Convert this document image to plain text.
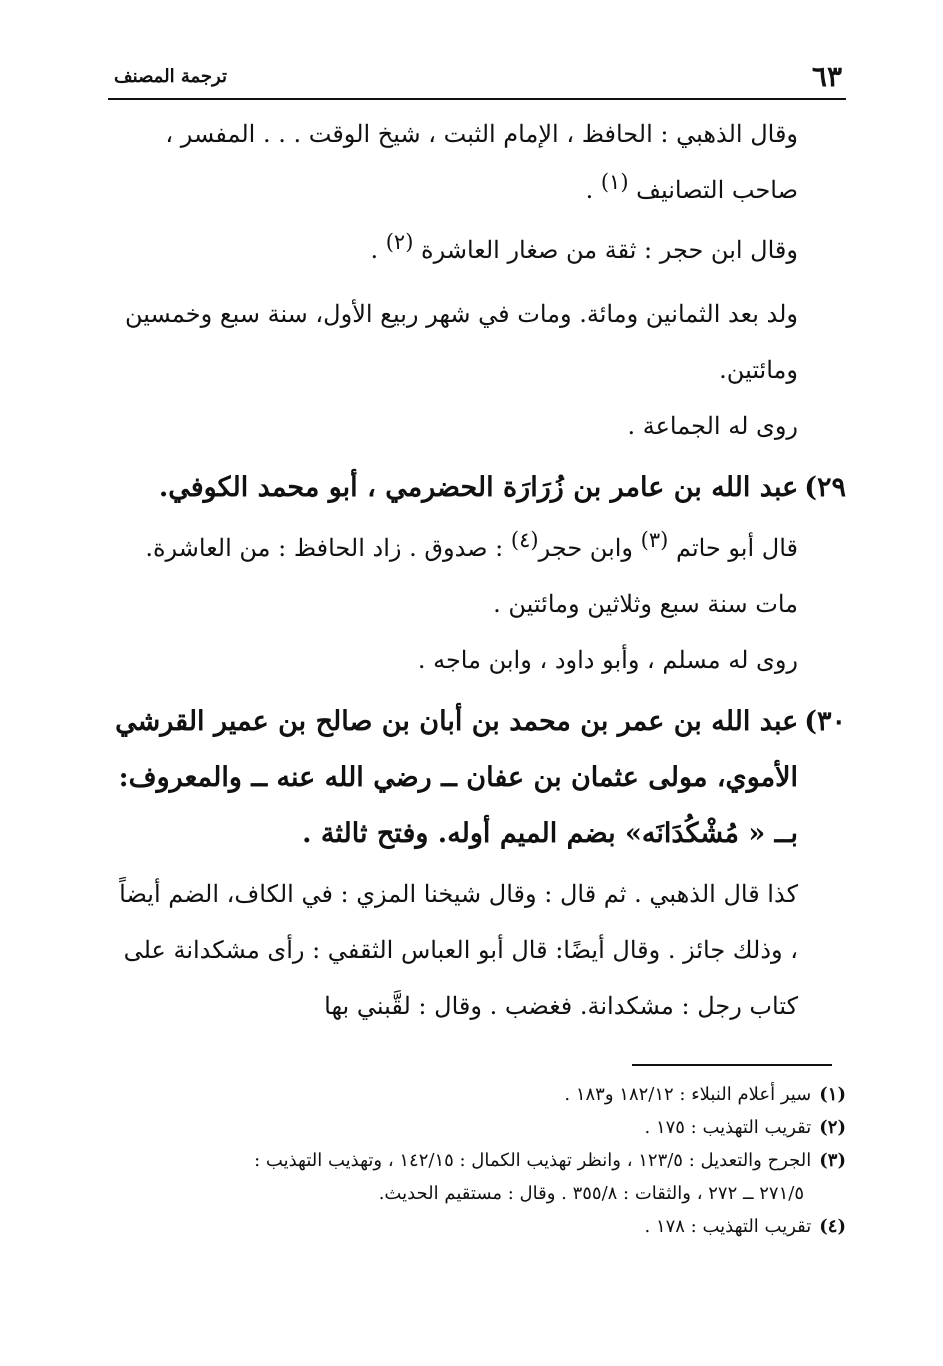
٦٣
ترجمة المصنف

وقال الذهبي : الحافظ ، الإمام الثبت ، شيخ الوقت . . . المفسر ، صاحب التصانيف (١) .

وقال ابن حجر : ثقة من صغار العاشرة (٢) .

ولد بعد الثمانين ومائة. ومات في شهر ربيع الأول، سنة سبع وخمسين ومائتين.

روى له الجماعة .

٢٩)عبد الله بن عامر بن زُرَارَة الحضرمي ، أبو محمد الكوفي.

قال أبو حاتم (٣) وابن حجر(٤) : صدوق . زاد الحافظ : من العاشرة.

مات سنة سبع وثلاثين ومائتين .

روى له مسلم ، وأبو داود ، وابن ماجه .

٣٠)عبد الله بن عمر بن محمد بن أبان بن صالح بن عمير القرشي
الأموي، مولى عثمان بن عفان ــ رضي الله عنه ــ والمعروف: بــ « مُشْكُدَانَه» بضم الميم أوله. وفتح ثالثة .

كذا قال الذهبي . ثم قال : وقال شيخنا المزي : في الكاف، الضم أيضاً ، وذلك جائز . وقال أيضًا: قال أبو العباس الثقفي : رأى مشكدانة على كتاب رجل : مشكدانة. فغضب . وقال : لقَّبني بها

(١)سير أعلام النبلاء : ١٨٢/١٢ و١٨٣ .

(٢)تقريب التهذيب : ١٧٥ .

(٣)الجرح والتعديل : ١٢٣/٥ ، وانظر تهذيب الكمال : ١٤٢/١٥ ، وتهذيب التهذيب :
٢٧١/٥ ــ ٢٧٢ ، والثقات : ٣٥٥/٨ . وقال : مستقيم الحديث.

(٤)تقريب التهذيب : ١٧٨ .
